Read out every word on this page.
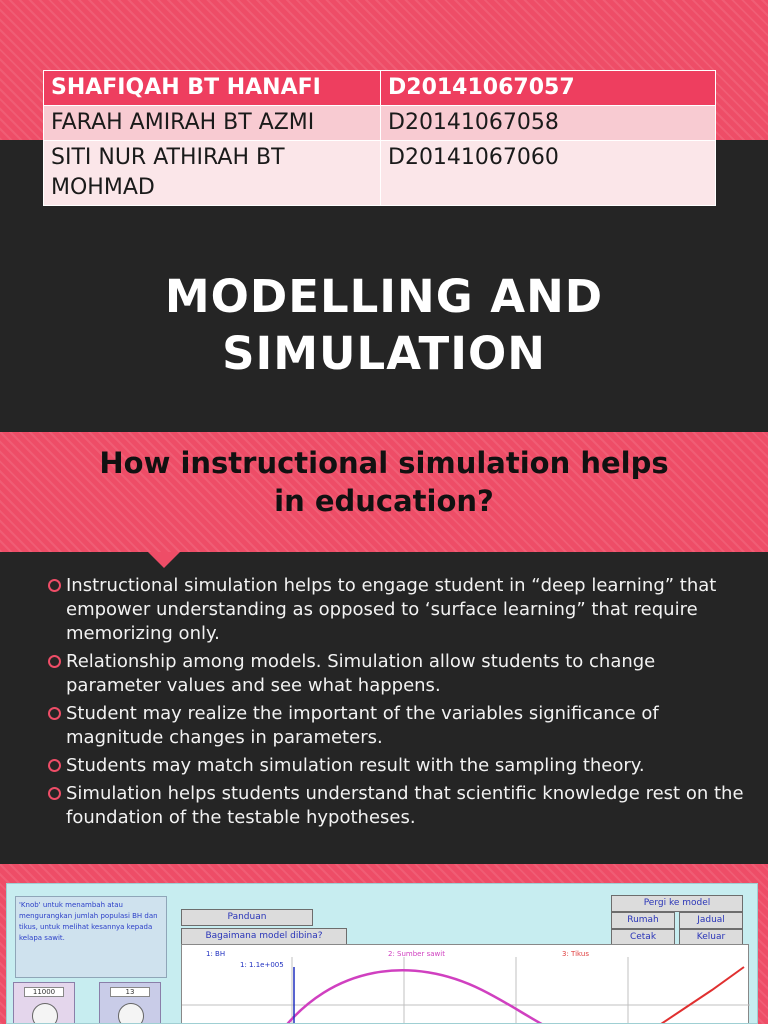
SHAFIQAH BT HANAFI	D20141067057
FARAH AMIRAH BT AZMI	D20141067058
SITI NUR ATHIRAH BT MOHMAD	D20141067060
MODELLING AND
SIMULATION
How instructional simulation helps
in education?
Instructional simulation helps to engage student in “deep learning” that empower understanding as opposed to ‘surface learning” that require memorizing only.
Relationship among models. Simulation allow students to change parameter values and see what happens.
Student may realize the important of the variables significance of magnitude changes in parameters.
Students may match simulation result with the sampling theory.
Simulation helps students understand that scientific knowledge rest on the foundation of the testable hypotheses.
'Knob' untuk menambah atau mengurangkan jumlah populasi BH dan tikus, untuk melihat kesannya kepada kelapa sawit.
11000	13
Panduan
Bagaimana model dibina?
Pergi ke model
Rumah	Jadual
Cetak	Keluar
1: BH	2: Sumber sawit	3: Tikus
1: 1.1e+005
